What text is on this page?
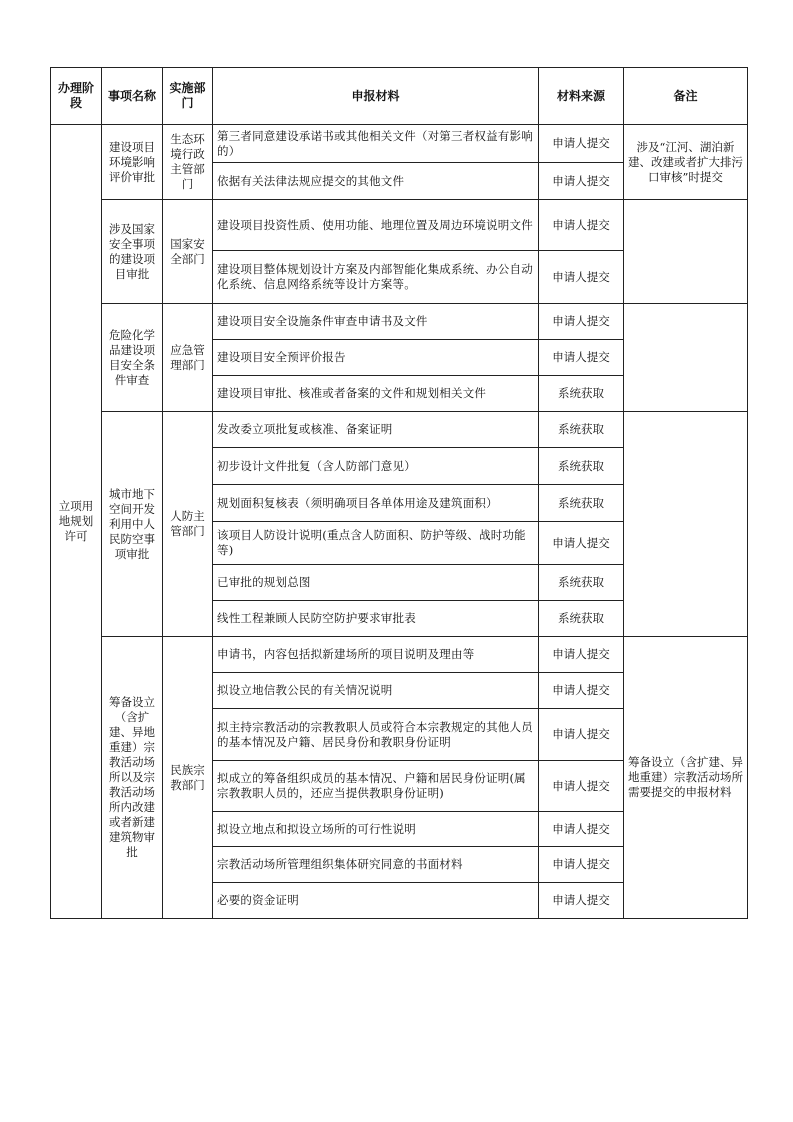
办理阶段	事项名称	实施部门	申报材料	材料来源	备注
立项用地规划许可	建设项目环境影响评价审批	生态环境行政主管部门	第三者同意建设承诺书或其他相关文件（对第三者权益有影响的）	申请人提交	涉及“江河、湖泊新建、改建或者扩大排污口审核”时提交
			依据有关法律法规应提交的其他文件	申请人提交	
	涉及国家安全事项的建设项目审批	国家安全部门	建设项目投资性质、使用功能、地理位置及周边环境说明文件	申请人提交	
			建设项目整体规划设计方案及内部智能化集成系统、办公自动化系统、信息网络系统等设计方案等。	申请人提交	
	危险化学品建设项目安全条件审查	应急管理部门	建设项目安全设施条件审查申请书及文件	申请人提交	
			建设项目安全预评价报告	申请人提交	
			建设项目审批、核准或者备案的文件和规划相关文件	系统获取	
	城市地下空间开发利用中人民防空事项审批	人防主管部门	发改委立项批复或核准、备案证明	系统获取	
			初步设计文件批复（含人防部门意见）	系统获取	
			规划面积复核表（须明确项目各单体用途及建筑面积）	系统获取	
			该项目人防设计说明(重点含人防面积、防护等级、战时功能等)	申请人提交	
			已审批的规划总图	系统获取	
			线性工程兼顾人民防空防护要求审批表	系统获取	
	筹备设立（含扩建、异地重建）宗教活动场所以及宗教活动场所内改建或者新建建筑物审批	民族宗教部门	申请书，内容包括拟新建场所的项目说明及理由等	申请人提交	筹备设立（含扩建、异地重建）宗教活动场所需要提交的申报材料
			拟设立地信教公民的有关情况说明	申请人提交	
			拟主持宗教活动的宗教教职人员或符合本宗教规定的其他人员的基本情况及户籍、居民身份和教职身份证明	申请人提交	
			拟成立的筹备组织成员的基本情况、户籍和居民身份证明(属宗教教职人员的，还应当提供教职身份证明)	申请人提交	
			拟设立地点和拟设立场所的可行性说明	申请人提交	
			宗教活动场所管理组织集体研究同意的书面材料	申请人提交	
			必要的资金证明	申请人提交	
